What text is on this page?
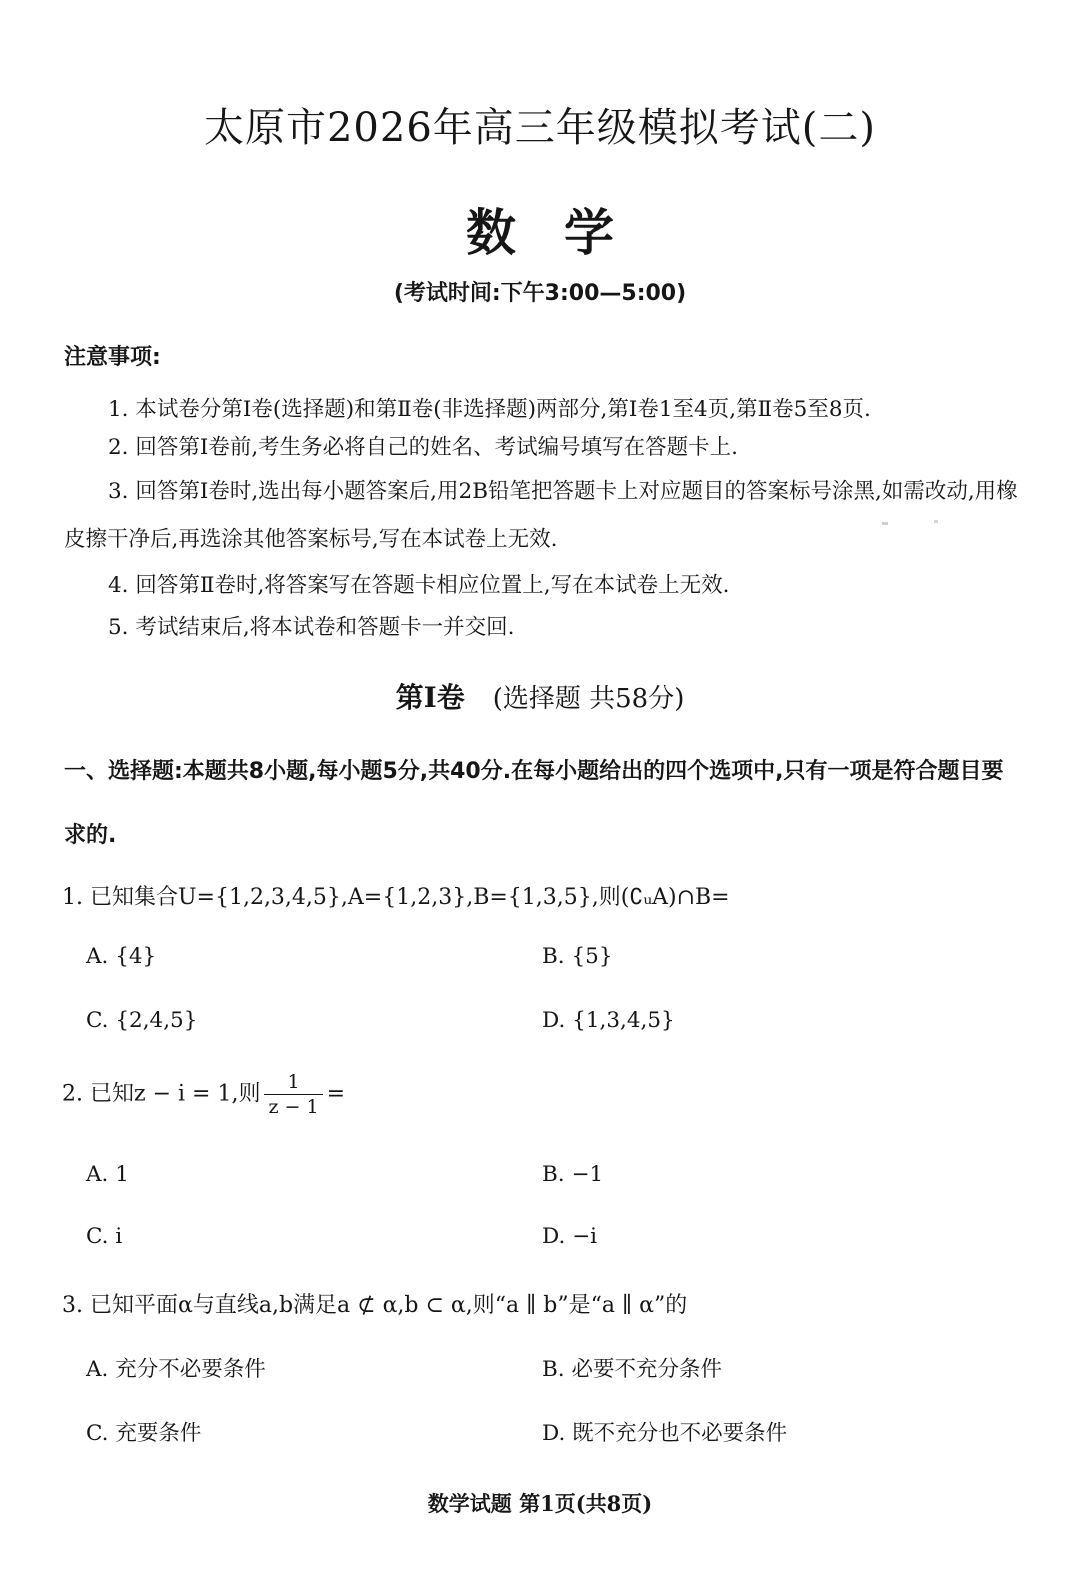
太原市2026年高三年级模拟考试(二)
数学
(考试时间:下午3:00—5:00)
注意事项:
1. 本试卷分第Ⅰ卷(选择题)和第Ⅱ卷(非选择题)两部分,第Ⅰ卷1至4页,第Ⅱ卷5至8页.
2. 回答第Ⅰ卷前,考生务必将自己的姓名、考试编号填写在答题卡上.
3. 回答第Ⅰ卷时,选出每小题答案后,用2B铅笔把答题卡上对应题目的答案标号涂黑,如需改动,用橡皮擦干净后,再选涂其他答案标号,写在本试卷上无效.
4. 回答第Ⅱ卷时,将答案写在答题卡相应位置上,写在本试卷上无效.
5. 考试结束后,将本试卷和答题卡一并交回.
第Ⅰ卷 (选择题 共58分)
一、选择题:本题共8小题,每小题5分,共40分.在每小题给出的四个选项中,只有一项是符合题目要求的.
1. 已知集合U={1,2,3,4,5},A={1,2,3},B={1,3,5},则(∁ᵤA)∩B=
A. {4}	B. {5}
C. {2,4,5}	D. {1,3,4,5}
2. 已知z − i = 1,则 $\frac{1}{z - 1}$ =
A. 1	B. −1
C. i	D. −i
3. 已知平面α与直线a,b满足a ⊄ α,b ⊂ α,则“a ∥ b”是“a ∥ α”的
A. 充分不必要条件	B. 必要不充分条件
C. 充要条件	D. 既不充分也不必要条件
数学试题 第1页(共8页)
